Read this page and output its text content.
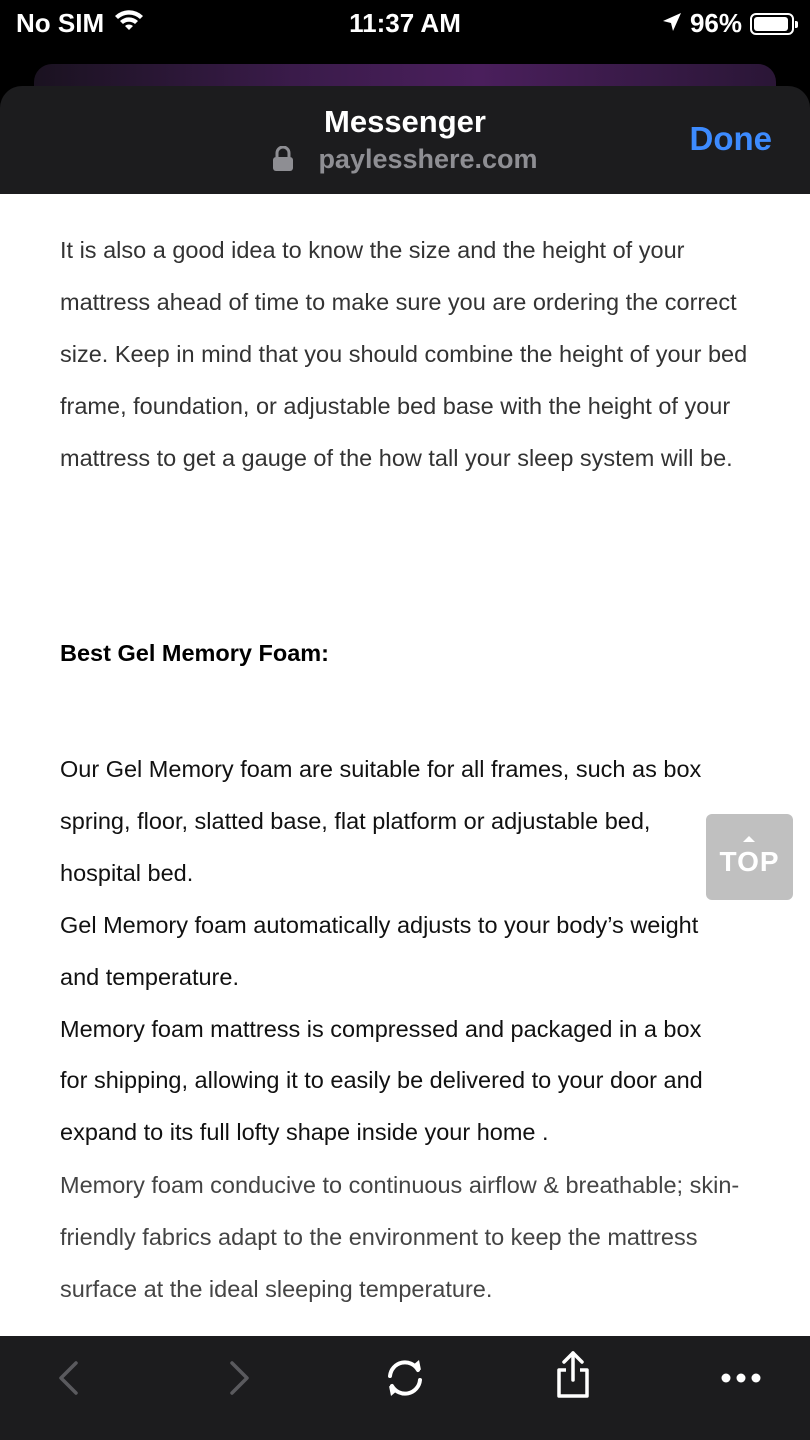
No SIM	11:37 AM	96%
Messenger
paylesshere.com
Done
It is also a good idea to know the size and the height of your mattress ahead of time to make sure you are ordering the correct size. Keep in mind that you should combine the height of your bed frame, foundation, or adjustable bed base with the height of your mattress to get a gauge of the how tall your sleep system will be.
Best Gel Memory Foam:

Our Gel Memory foam are suitable for all frames, such as box spring, floor, slatted base, flat platform or adjustable bed, hospital bed.

Gel Memory foam automatically adjusts to your body’s weight and temperature.

Memory foam mattress is compressed and packaged in a box for shipping, allowing it to easily be delivered to your door and expand to its full lofty shape inside your home .

Memory foam conducive to continuous airflow & breathable; skin-friendly fabrics adapt to the environment to keep the mattress surface at the ideal sleeping temperature.

TOP
